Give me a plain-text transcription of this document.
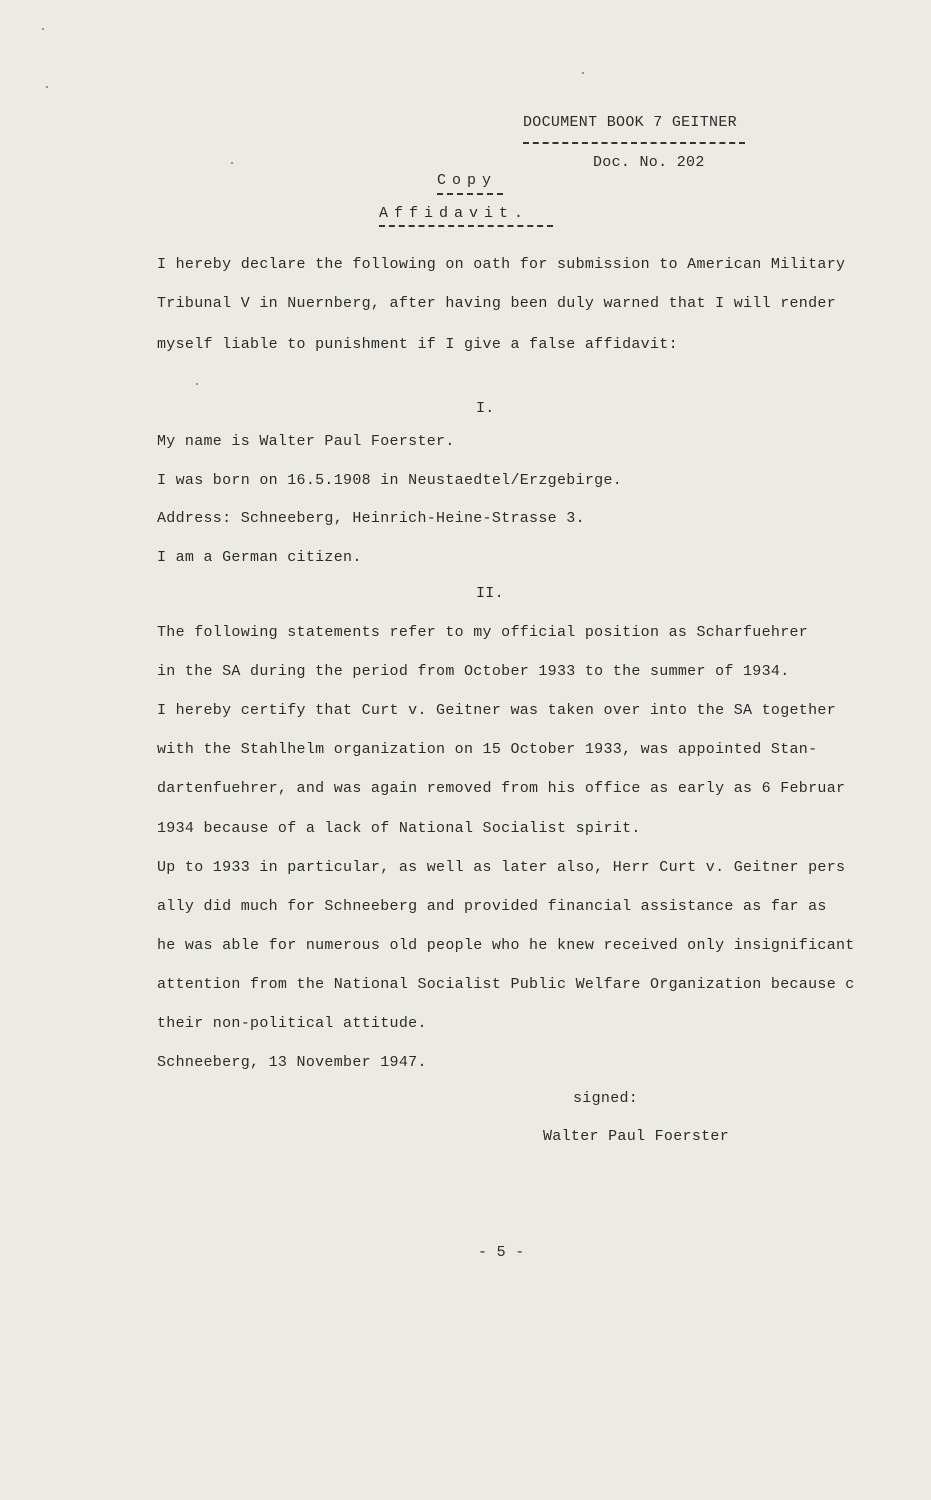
DOCUMENT BOOK 7 GEITNER
Doc. No. 202
Copy
Affidavit.
I hereby declare the following on oath for submission to American Military
Tribunal V in Nuernberg, after having been duly warned that I will render
myself liable to punishment if I give a false affidavit:
I.
My name is Walter Paul Foerster.
I was born on 16.5.1908 in Neustaedtel/Erzgebirge.
Address: Schneeberg, Heinrich-Heine-Strasse 3.
I am a German citizen.
II.
The following statements refer to my official position as Scharfuehrer
in the SA during the period from October 1933 to the summer of 1934.
I hereby certify that Curt v. Geitner was taken over into the SA together
with the Stahlhelm organization on 15 October 1933, was appointed Stan-
dartenfuehrer, and was again removed from his office as early as 6 Februar
1934 because of a lack of National Socialist spirit.
Up to 1933 in particular, as well as later also, Herr Curt v. Geitner pers
ally did much for Schneeberg and provided financial assistance as far as
he was able for numerous old people who he knew received only insignificant
attention from the National Socialist Public Welfare Organization because c
their non-political attitude.
Schneeberg, 13 November 1947.
signed:
Walter Paul Foerster
- 5 -
